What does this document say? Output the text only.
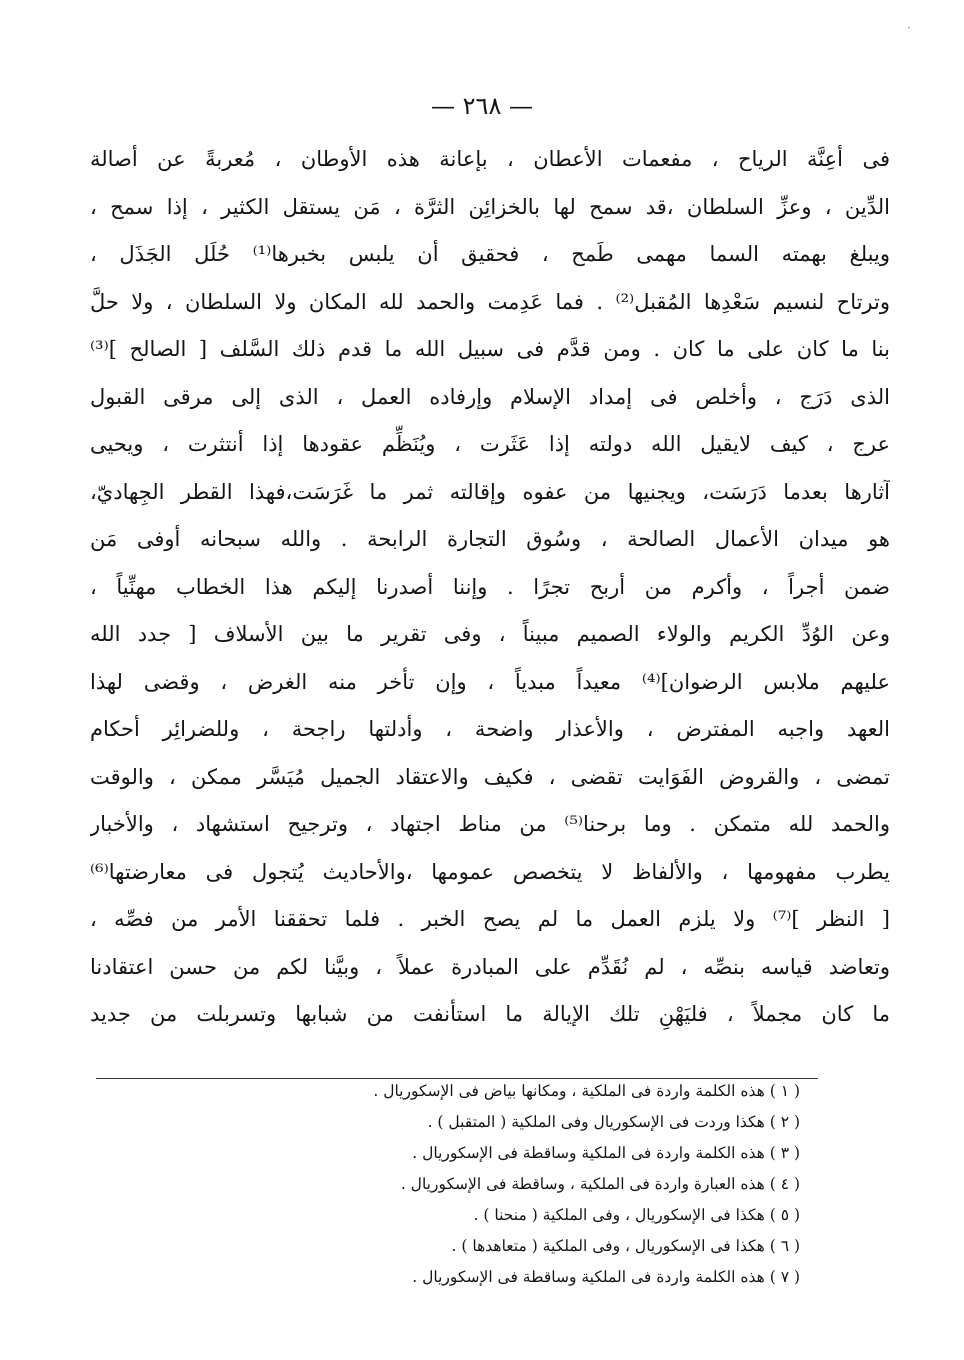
·
— ٢٦٨ —
فى أعِنَّة الرياح ، مفعمات الأعطان ، بإعانة هذه الأوطان ، مُعربةً عن أصالة
الدِّين ، وعزِّ السلطان ،قد سمح لها بالخزائِن الثرَّة ، مَن يستقل الكثير ، إذا سمح ،
ويبلغ بهمته السما مهمى طَمح ، فحقيق أن يلبس بخبرها⁽¹⁾ حُلَل الجَذَل ،
وترتاح لنسيم سَعْدِها المُقبل⁽²⁾ . فما عَدِمت والحمد لله المكان ولا السلطان ، ولا حلَّ
بنا ما كان على ما كان . ومن قدَّم فى سبيل الله ما قدم ذلك السَّلف [ الصالح ]⁽³⁾
الذى دَرَج ، وأخلص فى إمداد الإسلام وإرفاده العمل ، الذى إلى مرقى القبول
عرج ، كيف لايقيل الله دولته إذا عَثَرت ، ويُنَظِّم عقودها إذا أنتثرت ، ويحيى
آثارها بعدما دَرَسَت، ويجنيها من عفوه وإقالته ثمر ما غَرَسَت،فهذا القطر الجِهاديّ،
هو ميدان الأعمال الصالحة ، وسُوق التجارة الرابحة . والله سبحانه أوفى مَن
ضمن أجراً ، وأكرم من أربح تجرًا . وإننا أصدرنا إليكم هذا الخطاب مهنِّياً ،
وعن الوُدِّ الكريم والولاء الصميم مبيناً ، وفى تقرير ما بين الأسلاف [ جدد الله
عليهم ملابس الرضوان]⁽⁴⁾ معيداً مبدياً ، وإن تأخر منه الغرض ، وقضى لهذا
العهد واجبه المفترض ، والأعذار واضحة ، وأدلتها راجحة ، وللضرائِر أحكام
تمضى ، والقروض الفَوَايت تقضى ، فكيف والاعتقاد الجميل مُيَسَّر ممكن ، والوقت
والحمد لله متمكن . وما برحنا⁽⁵⁾ من مناط اجتهاد ، وترجيح استشهاد ، والأخبار
يطرب مفهومها ، والألفاظ لا يتخصص عمومها ،والأحاديث يُتجول فى معارضتها⁽⁶⁾
[ النظر ]⁽⁷⁾ ولا يلزم العمل ما لم يصح الخبر . فلما تحققنا الأمر من فصِّه ،
وتعاضد قياسه بنصِّه ، لم نُقَدِّم على المبادرة عملاً ، وبيَّنا لكم من حسن اعتقادنا
ما كان مجملاً ، فليَهْنِ تلك الإيالة ما استأنفت من شبابها وتسربلت من جديد
( ١ ) هذه الكلمة واردة فى الملكية ، ومكانها بياض فى الإسكوريال .
( ٢ ) هكذا وردت فى الإسكوريال وفى الملكية ( المتقبل ) .
( ٣ ) هذه الكلمة واردة فى الملكية وساقطة فى الإسكوريال .
( ٤ ) هذه العبارة واردة فى الملكية ، وساقطة فى الإسكوريال .
( ٥ ) هكذا فى الإسكوريال ، وفى الملكية ( منحنا ) .
( ٦ ) هكذا فى الإسكوريال ، وفى الملكية ( متعاهدها ) .
( ٧ ) هذه الكلمة واردة فى الملكية وساقطة فى الإسكوريال .
